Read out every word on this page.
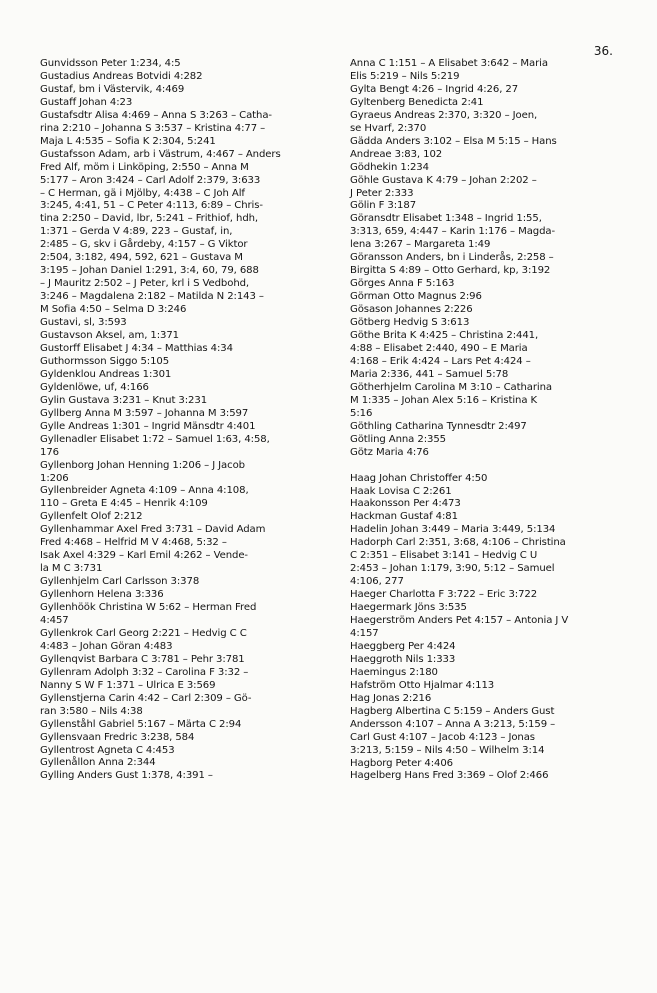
36.
Gunvidsson Peter 1:234, 4:5
Gustadius Andreas Botvidi 4:282
Gustaf, bm i Västervik, 4:469
Gustaff Johan 4:23
Gustafsdtr Alisa 4:469 – Anna S 3:263 – Catha-
rina 2:210 – Johanna S 3:537 – Kristina 4:77 –
Maja L 4:535 – Sofia K 2:304, 5:241
Gustafsson Adam, arb i Västrum, 4:467 – Anders
Fred Alf, möm i Linköping, 2:550 – Anna M
5:177 – Aron 3:424 – Carl Adolf 2:379, 3:633
– C Herman, gä i Mjölby, 4:438 – C Joh Alf
3:245, 4:41, 51 – C Peter 4:113, 6:89 – Chris-
tina 2:250 – David, lbr, 5:241 – Frithiof, hdh,
1:371 – Gerda V 4:89, 223 – Gustaf, in,
2:485 – G, skv i Gårdeby, 4:157 – G Viktor
2:504, 3:182, 494, 592, 621 – Gustava M
3:195 – Johan Daniel 1:291, 3:4, 60, 79, 688
– J Mauritz 2:502 – J Peter, krl i S Vedbohd,
3:246 – Magdalena 2:182 – Matilda N 2:143 –
M Sofia 4:50 – Selma D 3:246
Gustavi, sl, 3:593
Gustavson Aksel, am, 1:371
Gustorff Elisabet J 4:34 – Matthias 4:34
Guthormsson Siggo 5:105
Gyldenklou Andreas 1:301
Gyldenlöwe, uf, 4:166
Gylin Gustava 3:231 – Knut 3:231
Gyllberg Anna M 3:597 – Johanna M 3:597
Gylle Andreas 1:301 – Ingrid Mänsdtr 4:401
Gyllenadler Elisabet 1:72 – Samuel 1:63, 4:58,
176
Gyllenborg Johan Henning 1:206 – J Jacob
1:206
Gyllenbreider Agneta 4:109 – Anna 4:108,
110 – Greta E 4:45 – Henrik 4:109
Gyllenfelt Olof 2:212
Gyllenhammar Axel Fred 3:731 – David Adam
Fred 4:468 – Helfrid M V 4:468, 5:32 –
Isak Axel 4:329 – Karl Emil 4:262 – Vende-
la M C 3:731
Gyllenhjelm Carl Carlsson 3:378
Gyllenhorn Helena 3:336
Gyllenhöök Christina W 5:62 – Herman Fred
4:457
Gyllenkrok Carl Georg 2:221 – Hedvig C C
4:483 – Johan Göran 4:483
Gyllenqvist Barbara C 3:781 – Pehr 3:781
Gyllenram Adolph 3:32 – Carolina F 3:32 –
Nanny S W F 1:371 – Ulrica E 3:569
Gyllenstjerna Carin 4:42 – Carl 2:309 – Gö-
ran 3:580 – Nils 4:38
Gyllenståhl Gabriel 5:167 – Märta C 2:94
Gyllensvaan Fredric 3:238, 584
Gyllentrost Agneta C 4:453
Gyllenållon Anna 2:344
Gylling Anders Gust 1:378, 4:391 –
Anna C 1:151 – A Elisabet 3:642 – Maria
Elis 5:219 – Nils 5:219
Gylta Bengt 4:26 – Ingrid 4:26, 27
Gyltenberg Benedicta 2:41
Gyraeus Andreas 2:370, 3:320 – Joen,
se Hvarf, 2:370
Gädda Anders 3:102 – Elsa M 5:15 – Hans
Andreae 3:83, 102
Gödhekin 1:234
Göhle Gustava K 4:79 – Johan 2:202 –
J Peter 2:333
Gölin F 3:187
Göransdtr Elisabet 1:348 – Ingrid 1:55,
3:313, 659, 4:447 – Karin 1:176 – Magda-
lena 3:267 – Margareta 1:49
Göransson Anders, bn i Linderås, 2:258 –
Birgitta S 4:89 – Otto Gerhard, kp, 3:192
Görges Anna F 5:163
Görman Otto Magnus 2:96
Gösason Johannes 2:226
Götberg Hedvig S 3:613
Göthe Brita K 4:425 – Christina 2:441,
4:88 – Elisabet 2:440, 490 – E Maria
4:168 – Erik 4:424 – Lars Pet 4:424 –
Maria 2:336, 441 – Samuel 5:78
Götherhjelm Carolina M 3:10 – Catharina
M 1:335 – Johan Alex 5:16 – Kristina K
5:16
Göthling Catharina Tynnesdtr 2:497
Götling Anna 2:355
Götz Maria 4:76
Haag Johan Christoffer 4:50
Haak Lovisa C 2:261
Haakonsson Per 4:473
Hackman Gustaf 4:81
Hadelin Johan 3:449 – Maria 3:449, 5:134
Hadorph Carl 2:351, 3:68, 4:106 – Christina
C 2:351 – Elisabet 3:141 – Hedvig C U
2:453 – Johan 1:179, 3:90, 5:12 – Samuel
4:106, 277
Haeger Charlotta F 3:722 – Eric 3:722
Haegermark Jöns 3:535
Haegerström Anders Pet 4:157 – Antonia J V
4:157
Haeggberg Per 4:424
Haeggroth Nils 1:333
Haemingus 2:180
Hafström Otto Hjalmar 4:113
Hag Jonas 2:216
Hagberg Albertina C 5:159 – Anders Gust
Andersson 4:107 – Anna A 3:213, 5:159 –
Carl Gust 4:107 – Jacob 4:123 – Jonas
3:213, 5:159 – Nils 4:50 – Wilhelm 3:14
Hagborg Peter 4:406
Hagelberg Hans Fred 3:369 – Olof 2:466
